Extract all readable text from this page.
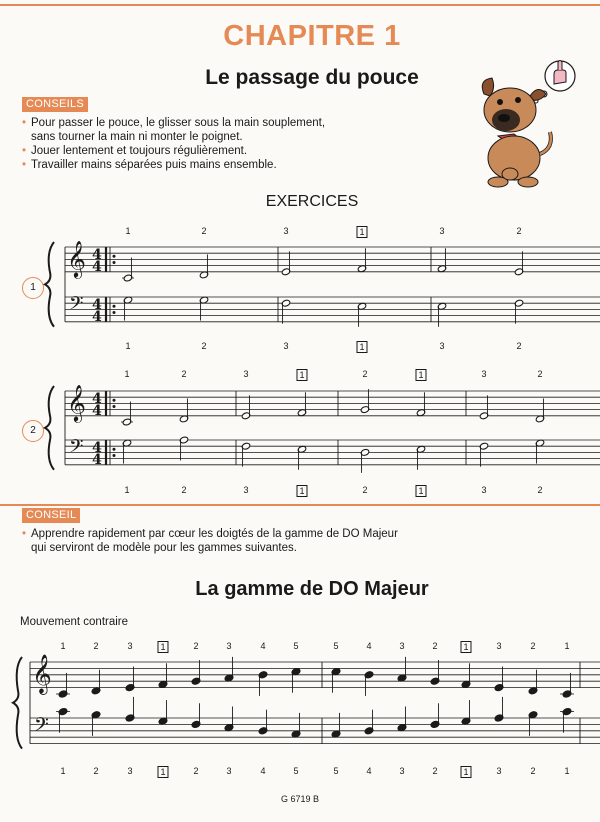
CHAPITRE 1
Le passage du pouce
CONSEILS
• Pour passer le pouce, le glisser sous la main souplement,
sans tourner la main ni monter le poignet.
• Jouer lentement et toujours régulièrement.
• Travailler mains séparées puis mains ensemble.
EXERCICES
1
2
1	2	3	1	3	2
1	2	3	1	3	2
1	2	3	1	2	1	3	2
1	2	3	1	2	1	3	2
1	2	3	1	2	3	4	5	5	4	3	2	1	3	2	1
1	2	3	1	2	3	4	5	5	4	3	2	1	3	2	1
𝄞
𝄢
4
4
4
4
𝄞
𝄢
4
4
4
4
𝄞
𝄢
CONSEIL
• Apprendre rapidement par cœur les doigtés de la gamme de DO Majeur
qui serviront de modèle pour les gammes suivantes.
La gamme de DO Majeur
Mouvement contraire
G 6719 B
